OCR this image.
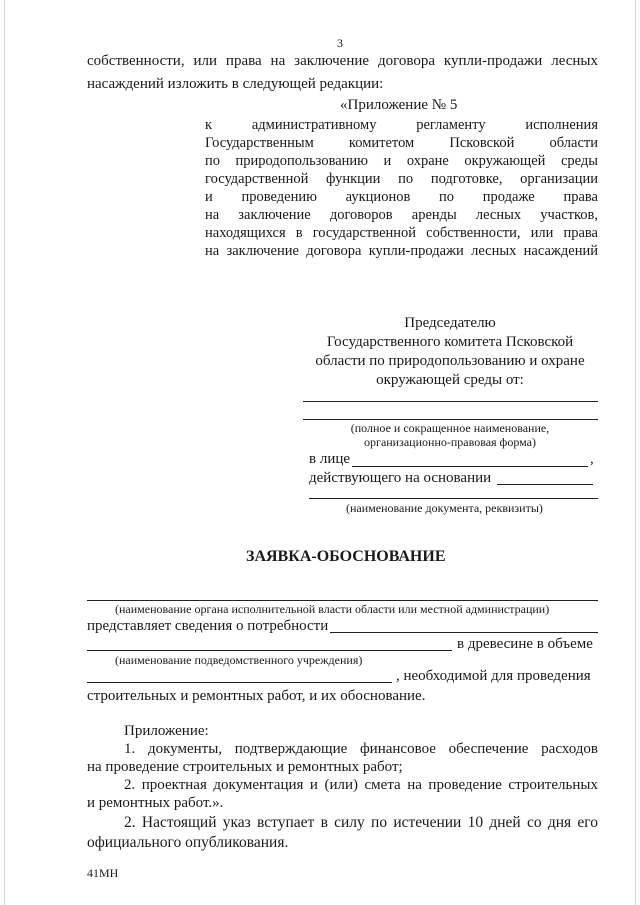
3
собственности, или права на заключение договора купли-продажи лесных
насаждений изложить в следующей редакции:
«Приложение № 5
к административному регламенту исполнения
Государственным комитетом Псковской области
по природопользованию и охране окружающей среды
государственной функции по подготовке, организации
и проведению аукционов по продаже права
на заключение договоров аренды лесных участков,
находящихся в государственной собственности, или права
на заключение договора купли-продажи лесных насаждений
Председателю
Государственного комитета Псковской
области по природопользованию и охране
окружающей среды от:
(полное и сокращенное наименование,
организационно-правовая форма)
в лице	,
действующего на основании
(наименование документа, реквизиты)
ЗАЯВКА-ОБОСНОВАНИЕ
(наименование органа исполнительной власти области или местной администрации)
представляет сведения о потребности
в древесине в объеме
(наименование подведомственного учреждения)
, необходимой для проведения
строительных и ремонтных работ, и их обоснование.
Приложение:
1. документы, подтверждающие финансовое обеспечение расходов
на проведение строительных и ремонтных работ;
2. проектная документация и (или) смета на проведение строительных
и ремонтных работ.».
2. Настоящий указ вступает в силу по истечении 10 дней со дня его
официального опубликования.
41МН
